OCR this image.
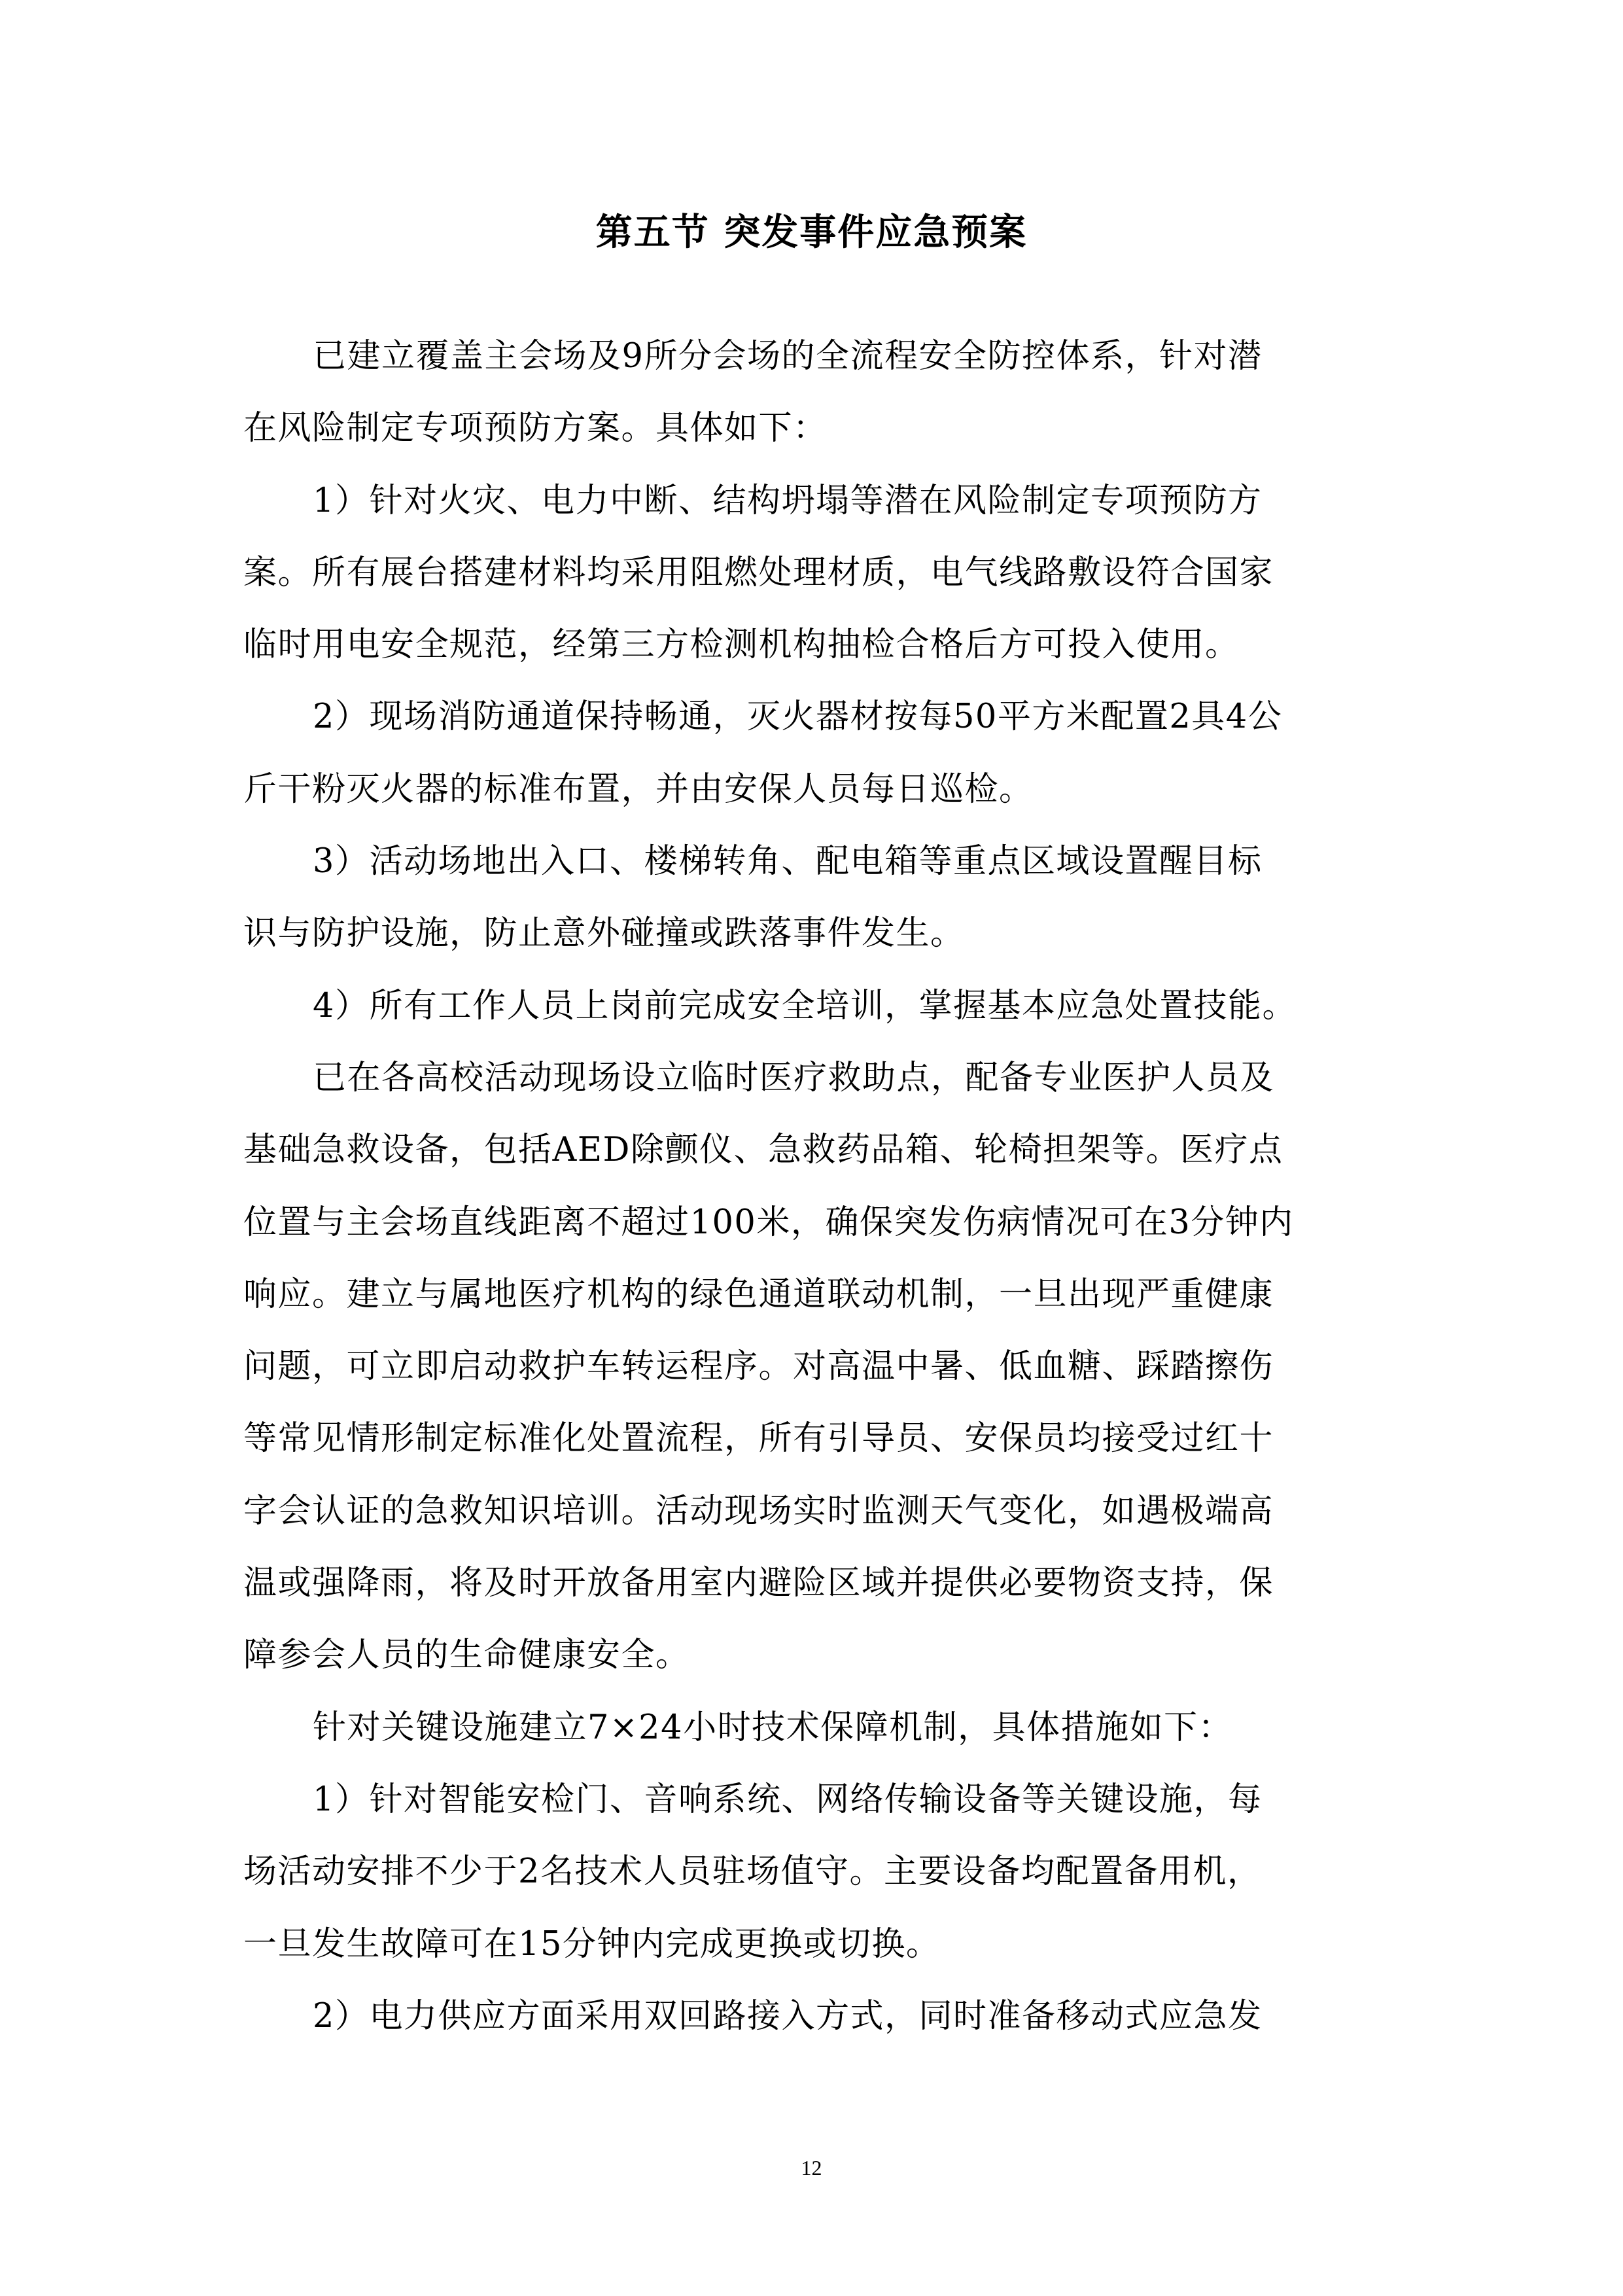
第五节 突发事件应急预案
已建立覆盖主会场及9所分会场的全流程安全防控体系，针对潜
在风险制定专项预防方案。具体如下：
1）针对火灾、电力中断、结构坍塌等潜在风险制定专项预防方
案。所有展台搭建材料均采用阻燃处理材质，电气线路敷设符合国家
临时用电安全规范，经第三方检测机构抽检合格后方可投入使用。
2）现场消防通道保持畅通，灭火器材按每50平方米配置2具4公
斤干粉灭火器的标准布置，并由安保人员每日巡检。
3）活动场地出入口、楼梯转角、配电箱等重点区域设置醒目标
识与防护设施，防止意外碰撞或跌落事件发生。
4）所有工作人员上岗前完成安全培训，掌握基本应急处置技能。
已在各高校活动现场设立临时医疗救助点，配备专业医护人员及
基础急救设备，包括AED除颤仪、急救药品箱、轮椅担架等。医疗点
位置与主会场直线距离不超过100米，确保突发伤病情况可在3分钟内
响应。建立与属地医疗机构的绿色通道联动机制，一旦出现严重健康
问题，可立即启动救护车转运程序。对高温中暑、低血糖、踩踏擦伤
等常见情形制定标准化处置流程，所有引导员、安保员均接受过红十
字会认证的急救知识培训。活动现场实时监测天气变化，如遇极端高
温或强降雨，将及时开放备用室内避险区域并提供必要物资支持，保
障参会人员的生命健康安全。
针对关键设施建立7×24小时技术保障机制，具体措施如下：
1）针对智能安检门、音响系统、网络传输设备等关键设施，每
场活动安排不少于2名技术人员驻场值守。主要设备均配置备用机，
一旦发生故障可在15分钟内完成更换或切换。
2）电力供应方面采用双回路接入方式，同时准备移动式应急发
12
